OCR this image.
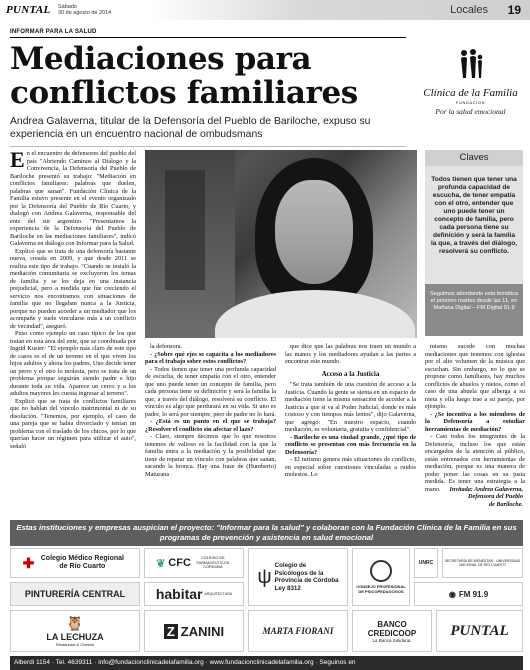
PUNTAL	Sábado
30 de agosto de 2014	Locales 19
INFORMAR PARA LA SALUD
Mediaciones para conflictos familiares
Andrea Galaverna, titular de la Defensoría del Pueblo de Bariloche, expuso su experiencia en un encuentro nacional de ombudsmans
Clínica de la Familia
FUNDACION
Por la salud emocional

En el encuentro de defensores del pueblo del país "Abriendo Caminos al Diálogo y la Convivencia, la Defensoría del Pueblo de Bariloche presentó su trabajo: "Mediación en conflictos familiares: palabras que duelen, palabras que sanan". Fundación Clínica de la Familia estuvo presente en el evento organizado por la Defensoría del Pueblo de Río Cuarto, y dialogó con Andrea Galaverna, responsable del ente del sur argentino. "Presentamos la experiencia de la Defensoría del Pueblo de Bariloche en las mediaciones familiares", indicó Galaverna en diálogo con Informar para la Salud.

Explicó que se trata de una defensoría bastante nueva, creada en 2009, y que desde 2011 se realiza este tipo de trabajo. "Cuando se instaló la mediación comunitaria se excluyeron los temas de familia y se los deja en una instancia prejudicial, pero a medida que fue creciendo el servicio nos encontramos con situaciones de familia que no llegaban nunca a la Justicia, porque no pueden acceder a un mediador que los acompañe y suele vincularse más a un conflicto de vecindad", aseguró.

Puso como ejemplo un caso típico de los que tratan en esta área del ente, que se coordinada por Ingrid Kuster: "El ejemplo más claro de este tipo de casos es el de un terreno en el que viven los hijos adultos y ahora los padres. Uno decide tener un perro y el otro lo molesta, pero se trata de un problema porque seguirán siendo padre e hijo durante toda su vida. Aparece un cerco y a los adultos mayores les cuesta ingresar al terreno".

Explicó que se trata de conflictos familiares que no hablan del vínculo matrimonial ni de su disolución. "Tenemos, por ejemplo, el caso de una pareja que se había divorciado y tenían un problema con el traslado de los chicos, por lo que querían hacer un régimen para utilizar el auto", señaló

Claves
Todos tienen que tener una profunda capacidad de escucha, de tener empatía con el otro, entender que uno puede tener un concepto de familia, pero cada persona tiene su definición y será la familia la que, a través del diálogo, resolverá su conflicto.
Seguimos abordando esta temática el próximo martes desde las 11, en Mañana Digital – FM Digital 91.9

la defensora.

- ¿Sobre qué ejes se capacita a los mediadores para el trabajo sobre estos conflictos?

- Todos tienen que tener una profunda capacidad de escucha, de tener empatía con el otro, entender que uno puede tener un concepto de familia, pero cada persona tiene su definición y será la familia la que, a través del diálogo, resolverá su conflicto. El vínculo es algo que perdurará en su vida. Si uno es padre, lo será por siempre, pero de padre no lo hará.

- ¿Está es un punto en el que se trabaja? ¿Resolver el conflicto sin afectar el lazo?

- Claro, siempre decimos que lo que nosotros tenemos de valioso es la facilidad con la que la familia entra a la mediación y la posibilidad que tiene de reparar un vínculo con palabras que sanan, sacando la bronca. Hay una frase de (Humberto) Maturana

que dice que las palabras nos traen un mundo a las manos y los mediadores ayudan a las partes a encontrar este mundo.

Acceso a la Justicia

"Se trata también de una cuestión de acceso a la Justicia. Cuando la gente se sienta en un espacio de mediación tiene la misma sensación de acceder a la Justicia a que si va al Poder Judicial, donde es más costoso y con tiempos más lentos", dijo Galaverna, que agregó: "En nuestro espacio, cuando mediación, es voluntaria, gratuita y confidencial".

- Bariloche es una ciudad grande, ¿qué tipo de conflicto se presentan con más frecuencia en la Defensoría?

- El turismo genera más situaciones de conflicto, en especial sobre cuestiones vinculadas a ruidos molestos. Lo

mismo sucede con muchas mediaciones que tenemos con iglesias por el alto volumen de la música que escuchan. Sin embargo, no lo que se propone como familiares, hay muchos conflictos de abuelos y nietos, como el caso de una abuela que alberga a su nieta y ella luego trae a su pareja, por ejemplo.

- ¿Se incentiva a los miembros de la Defensoría a estudiar herramientas de mediación?

- Casi todos los integrantes de la Defensoría, incluso los que están encargados de la atención al público, están entrenados con herramientas de mediación, porque es una manera de poder poner las cosas en su justa medida. Es tener una estrategia a la mano.	Invitada: Andrea Galaverna,
Defensora del Pueblo
de Bariloche.
Estas instituciones y empresas auspician el proyecto: "Informar para la salud" y colaboran con la Fundación Clínica de la Familia en sus programas de prevención y asistencia en salud emocional
✚ Colegio Médico Regional de Río Cuarto	❦ CFC	COLEGIO DE FARMACÉUTICOS CÓRDOBA	ψ Colegio de Psicólogos de la Provincia de Córdoba Ley 8312	CONSEJO PROFESIONAL DE PSICOPEDAGOGOS
UNRC	SECRETARÍA DE BIENESTAR - UNIVERSIDAD NACIONAL DE RÍO CUARTO
PINTURERÍA CENTRAL habitar ARQUITECTURA	◉ FM 91.9
🦉
LA LECHUZA
Restaurant & Cheese
Z ZANINI	MARTA FIORANI
BANCO CREDICOOP
La Banca Solidaria.
PUNTAL
Alberdi 1154 · Tel. 4639311 · info@fundacionclinicadelafamilia.org · www.fundacionclinicadelafamilia.org · Seguinos en
